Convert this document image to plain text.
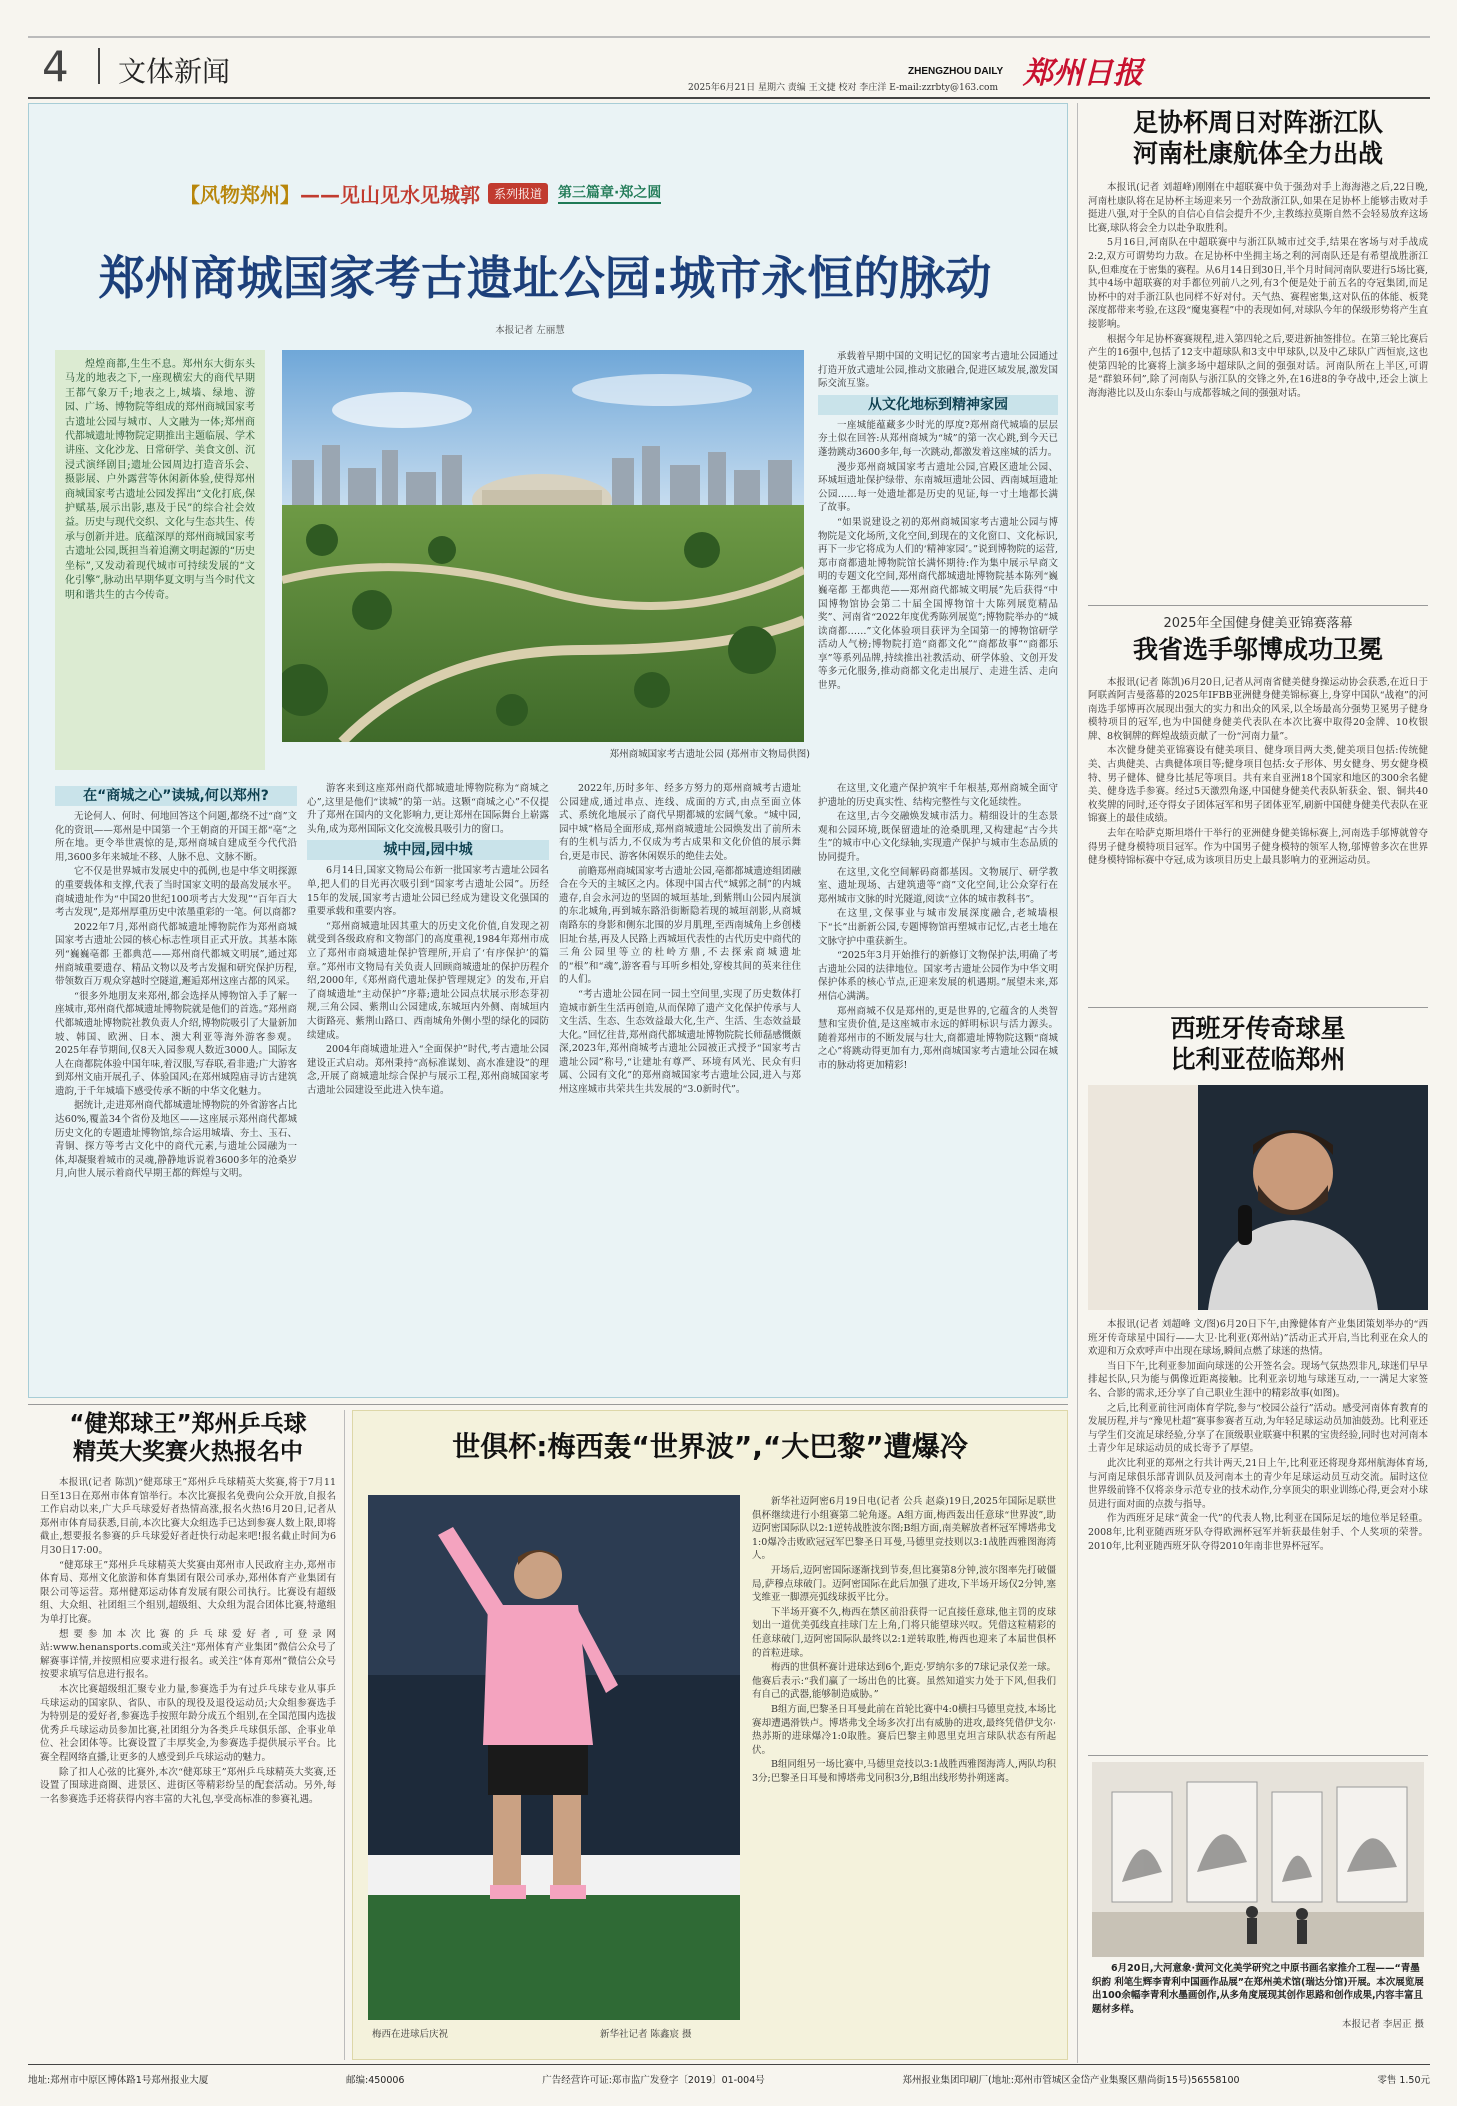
4 文体新闻	ZHENGZHOU DAILY
2025年6月21日 星期六 责编 王文捷 校对 李庄洋 E-mail:zzrbty@163.com 郑州日报
【风物郑州】 ——见山见水见城郭	系列报道	第三篇章·郑之圆
郑州商城国家考古遗址公园:城市永恒的脉动
本报记者 左丽慧

煌煌商都,生生不息。郑州东大街东头马龙的地表之下,一座现横宏大的商代早期王都气象万千;地表之上,城墙、绿地、游园、广场、博物院等组成的郑州商城国家考古遗址公园与城市、人文融为一体;郑州商代都城遗址博物院定期推出主题临展、学术讲座、文化沙龙、日常研学、美食文创、沉浸式演绎剧目;遗址公园周边打造音乐会、摄影展、户外露营等休闲新体验,使得郑州商城国家考古遗址公园发挥出“文化打底,保护赋基,展示出影,惠及于民”的综合社会效益。历史与现代交织、文化与生态共生、传承与创新并进。底蕴深厚的郑州商城国家考古遗址公园,既担当着追溯文明起源的“历史坐标”,又发动着现代城市可持续发展的“文化引擎”,脉动出早期华夏文明与当今时代文明和谐共生的古今传奇。

郑州商城国家考古遗址公园 (郑州市文物局供图)

承载着早期中国的文明记忆的国家考古遗址公园通过打造开放式遗址公园,推动文旅融合,促进区域发展,激发国际交流互鉴。

从文化地标到精神家园

一座城能蕴藏多少时光的厚度?郑州商代城墙的层层夯土似在回答:从郑州商城为“城”的第一次心跳,到今天已蓬勃跳动3600多年,每一次跳动,都激发着这座城的活力。

漫步郑州商城国家考古遗址公园,宫殿区遗址公园、环城垣遗址保护绿带、东南城垣遗址公园、西南城垣遗址公园……每一处遗址都是历史的见证,每一寸土地都长满了故事。

“如果说建设之初的郑州商城国家考古遗址公园与博物院是文化场所,文化空间,到现在的文化窗口、文化标识,再下一步它将成为人们的‘精神家园’。”说到博物院的运营,郑市商都遗址博物院馆长满怀期待:作为集中展示早商文明的专题文化空间,郑州商代都城遗址博物院基本陈列“巍巍亳都 王都典范——郑州商代都城文明展”先后获得“中国博物馆协会第二十届全国博物馆十大陈列展览精品奖”、河南省“2022年度优秀陈列展览”;博物院举办的“城读商都……”文化体验项目获评为全国第一的博物馆研学活动人气榜;博物院打造“商都文化”“商都故事”“商都乐享”等系列品牌,持续推出社教活动、研学体验、文创开发等多元化服务,推动商都文化走出展厅、走进生活、走向世界。

在“商城之心”读城,何以郑州?

无论何人、何时、何地回答这个问题,都绕不过“商”文化的资讯——郑州是中国第一个王朝商的开国王都“亳”之所在地。更令举世震惊的是,郑州商城自建成至今代代沿用,3600多年来城址不移、人脉不息、文脉不断。

它不仅是世界城市发展史中的孤例,也是中华文明探源的重要载体和支撑,代表了当时国家文明的最高发展水平。商城遗址作为“中国20世纪100项考古大发现”“百年百大考古发现”,是郑州厚重历史中浓墨重彩的一笔。何以商都?

2022年7月,郑州商代都城遗址博物院作为郑州商城国家考古遗址公园的核心标志性项目正式开放。其基本陈列“巍巍亳都 王都典范——郑州商代都城文明展”,通过郑州商城重要遗存、精品文物以及考古发掘和研究保护历程,带领数百万观众穿越时空隧道,邂逅郑州这座古都的风采。

“很多外地朋友来郑州,都会选择从博物馆入手了解一座城市,郑州商代都城遗址博物院就是他们的首选。”郑州商代都城遗址博物院社教负责人介绍,博物院吸引了大量新加坡、韩国、欧洲、日本、澳大利亚等海外游客参观。2025年春节期间,仅8天入园参观人数近3000人。国际友人在商都院体验中国年味,着汉服,写春联,看非遗;广大游客到郑州文庙开展孔子、体验国风;在郑州城隍庙寻访古建筑遗韵,于千年城墙下感受传承不断的中华文化魅力。

据统计,走进郑州商代都城遗址博物院的外省游客占比达60%,覆盖34个省份及地区——这座展示郑州商代都城历史文化的专题遗址博物馆,综合运用城墙、夯土、玉石、青铜、探方等考古文化中的商代元素,与遗址公园融为一体,却凝聚着城市的灵魂,静静地诉说着3600多年的沧桑岁月,向世人展示着商代早期王都的辉煌与文明。

游客来到这座郑州商代都城遗址博物院称为“商城之心”,这里是他们“读城”的第一站。这颗“商城之心”不仅提升了郑州在国内的文化影响力,更让郑州在国际舞台上崭露头角,成为郑州国际文化交流极具吸引力的窗口。

城中园,园中城

6月14日,国家文物局公布新一批国家考古遗址公园名单,把人们的目光再次吸引到“国家考古遗址公园”。历经15年的发展,国家考古遗址公园已经成为建设文化强国的重要承载和重要内容。

“郑州商城遗址因其重大的历史文化价值,自发现之初就受到各级政府和文物部门的高度重视,1984年郑州市成立了郑州市商城遗址保护管理所,开启了‘有序保护’的篇章。”郑州市文物局有关负责人回顾商城遗址的保护历程介绍,2000年,《郑州商代遗址保护管理规定》的发布,开启了商城遗址“主动保护”序幕;遗址公园点状展示形态芽初规,三角公园、紫荆山公园建成,东城垣内外侧、南城垣内大街路亮、紫荆山路口、西南城角外侧小型的绿化的园防续建成。

2004年商城遗址进入“全面保护”时代,考古遗址公园建设正式启动。郑州秉持“高标准谋划、高水准建设”的理念,开展了商城遗址综合保护与展示工程,郑州商城国家考古遗址公园建设至此进入快车道。

2022年,历时多年、经多方努力的郑州商城考古遗址公园建成,通过串点、连线、成面的方式,由点至面立体式、系统化地展示了商代早期都城的宏阔气象。“城中园,园中城”格局全面形成,郑州商城遗址公园焕发出了前所未有的生机与活力,不仅成为考古成果和文化价值的展示舞台,更是市民、游客休闲娱乐的绝佳去处。

前瞻郑州商城国家考古遗址公园,亳都都城遗迹组团融合在今天的主城区之内。体现中国古代“城郭之制”的内城遗存,自会永河边的坚固的城垣基址,到紫荆山公园内展演的东北城角,再到城东路沿街断隐若现的城垣剖影,从商城南路东的身影和侧东北围的岁月肌理,至西南城角上乡创楼旧址台基,再及人民路上西城垣代表性的古代历史中商代的三角公园里等立的杜岭方鼎,不去探索商城遗址的“根”和“魂”,游客看与耳听乡相处,穿梭其间的英来往住的人们。

“考古遗址公园在同一园土空间里,实现了历史数体打造城市新生生活再创造,从而保障了遗产文化保护传承与人文生活、生态、生态效益最大化,生产、生活、生态效益最大化。”回忆往昔,郑州商代都城遗址博物院院长师磊感慨颇深,2023年,郑州商城考古遗址公园被正式授予“国家考古遗址公园”称号,“让建址有尊严、环境有风光、民众有归属、公园有文化”的郑州商城国家考古遗址公园,进入与郑州这座城市共荣共生共发展的“3.0新时代”。

在这里,文化遗产保护筑牢千年根基,郑州商城全面守护遗址的历史真实性、结构完整性与文化延续性。

在这里,古今交融焕发城市活力。精细设计的生态景观和公园环境,既保留遗址的沧桑肌理,又构建起“古今共生”的城市中心文化绿轴,实现遗产保护与城市生态品质的协同提升。

在这里,文化空间解码商都基因。文物展厅、研学教室、遗址现场、古建筑遗等“商”文化空间,让公众穿行在郑州城市文脉的时光隧道,阅读“立体的城市教科书”。

在这里,文保事业与城市发展深度融合,老城墙根下“长”出新新公园,专题博物馆再塑城市记忆,古老土地在文脉守护中重获新生。

“2025年3月开始推行的新修订文物保护法,明确了考古遗址公园的法律地位。国家考古遗址公园作为中华文明保护体系的核心节点,正迎来发展的机遇期。”展望未来,郑州信心满满。

郑州商城不仅是郑州的,更是世界的,它蕴含的人类智慧和宝贵价值,是这座城市永远的鲜明标识与活力源头。随着郑州市的不断发展与壮大,商都遗址博物院这颗“商城之心”将跳动得更加有力,郑州商城国家考古遗址公园在城市的脉动将更加精彩!

足协杯周日对阵浙江队
河南杜康航体全力出战

本报讯(记者 刘超峰)刚刚在中超联赛中负于强劲对手上海海港之后,22日晚,河南杜康队将在足协杯主场迎来另一个劲敌浙江队,如果在足协杯上能够击败对手挺进八强,对于全队的自信心自信会提升不少,主教练拉莫斯自然不会轻易放弃这场比赛,球队将会全力以赴争取胜利。

5月16日,河南队在中超联赛中与浙江队城市过交手,结果在客场与对手战成2:2,双方可谓势均力敌。在足协杯中坐拥主场之利的河南队还是有希望战胜浙江队,但难度在于密集的赛程。从6月14日到30日,半个月时间河南队要进行5场比赛,其中4场中超联赛的对手都位列前八之列,有3个便是处于前五名的夺冠集团,而足协杯中的对手浙江队也同样不好对付。天气热、赛程密集,这对队伍的体能、板凳深度都带来考验,在这段“魔鬼赛程”中的表现如何,对球队今年的保级形势将产生直接影响。

根据今年足协杯赛赛规程,进入第四轮之后,要进新抽签排位。在第三轮比赛后产生的16强中,包括了12支中超球队和3支中甲球队,以及中乙球队广西恒宸,这也使第四轮的比赛将上演多场中超球队之间的强强对话。河南队所在上半区,可谓是“群狼环伺”,除了河南队与浙江队的交锋之外,在16进8的争夺战中,还会上演上海海港比以及山东泰山与成都蓉城之间的强强对话。

2025年全国健身健美亚锦赛落幕
我省选手邬博成功卫冕

本报讯(记者 陈凯)6月20日,记者从河南省健美健身操运动协会获悉,在近日于阿联酋阿吉曼落幕的2025年IFBB亚洲健身健美锦标赛上,身穿中国队“战袍”的河南选手邬博再次展现出强大的实力和出众的风采,以全场最高分强势卫冕男子健身模特项目的冠军,也为中国健身健美代表队在本次比赛中取得20金牌、10枚银牌、8枚铜牌的辉煌战绩贡献了一份“河南力量”。

本次健身健美亚锦赛设有健美项目、健身项目两大类,健美项目包括:传统健美、古典健美、古典健体项目等;健身项目包括:女子形体、男女健身、男女健身模特、男子健体、健身比基尼等项目。共有来自亚洲18个国家和地区的300余名健美、健身选手参赛。经过5天激烈角逐,中国健身健美代表队斩获金、银、铜共40枚奖牌的同时,还夺得女子团体冠军和男子团体亚军,刷新中国健身健美代表队在亚锦赛上的最佳成绩。

去年在哈萨克斯坦塔什干举行的亚洲健身健美锦标赛上,河南选手邬博就曾夺得男子健身模特项目冠军。作为中国男子健身模特的领军人物,邬博曾多次在世界健身模特锦标赛中夺冠,成为该项目历史上最具影响力的亚洲运动员。

西班牙传奇球星
比利亚莅临郑州

本报讯(记者 刘超峰 文/图)6月20日下午,由豫健体育产业集团策划举办的“西班牙传奇球星中国行——大卫·比利亚(郑州站)”活动正式开启,当比利亚在众人的欢迎和万众欢呼声中出现在球场,瞬间点燃了球迷的热情。

当日下午,比利亚参加面向球迷的公开签名会。现场气氛热烈非凡,球迷们早早排起长队,只为能与偶像近距离接触。比利亚亲切地与球迷互动,一一满足大家签名、合影的需求,还分享了自己职业生涯中的精彩故事(如图)。

之后,比利亚前往河南体育学院,参与“校园公益行”活动。感受河南体育教育的发展历程,并与“豫见杜超”赛事参赛者互动,为年轻足球运动员加油鼓劲。比利亚还与学生们交流足球经验,分享了在顶级职业联赛中积累的宝贵经验,同时也对河南本土青少年足球运动员的成长寄予了厚望。

此次比利亚的郑州之行共计两天,21日上午,比利亚还将现身郑州航海体育场,与河南足球俱乐部青训队员及河南本土的青少年足球运动员互动交流。届时这位世界级前锋不仅将亲身示范专业的技术动作,分享顶尖的职业训练心得,更会对小球员进行面对面的点拨与指导。

作为西班牙足球“黄金一代”的代表人物,比利亚在国际足坛的地位举足轻重。2008年,比利亚随西班牙队夺得欧洲杯冠军并斩获最佳射手、个人奖项的荣誉。2010年,比利亚随西班牙队夺得2010年南非世界杯冠军。

6月20日,大河意象·黄河文化美学研究之中原书画名家推介工程——“青墨织韵 利笔生辉李青利中国画作品展”在郑州美术馆(瑞达分馆)开展。本次展览展出100余幅李青利水墨画创作,从多角度展现其创作思路和创作成果,内容丰富且题材多样。

本报记者 李居正 摄
“健郑球王”郑州乒乓球
精英大奖赛火热报名中

本报讯(记者 陈凯)“健郑球王”郑州乒乓球精英大奖赛,将于7月11日至13日在郑州市体育馆举行。本次比赛报名免费向公众开放,自报名工作启动以来,广大乒乓球爱好者热情高涨,报名火热!6月20日,记者从郑州市体育局获悉,目前,本次比赛大众组选手已达到参赛人数上限,即将截止,想要报名参赛的乒乓球爱好者赶快行动起来吧!报名截止时间为6月30日17:00。

“健郑球王”郑州乒乓球精英大奖赛由郑州市人民政府主办,郑州市体育局、郑州文化旅游和体育集团有限公司承办,郑州体育产业集团有限公司等运营。郑州健郑运动体育发展有限公司执行。比赛设有超级组、大众组、社团组三个组别,超级组、大众组为混合团体比赛,特邀组为单打比赛。

想要参加本次比赛的乒乓球爱好者,可登录网站:www.henansports.com或关注“郑州体育产业集团”微信公众号了解赛事详情,并按照相应要求进行报名。或关注“体育郑州”微信公众号按要求填写信息进行报名。

本次比赛超级组汇聚专业力量,参赛选手为有过乒乓球专业从事乒乓球运动的国家队、省队、市队的现役及退役运动员;大众组参赛选手为特别是的爱好者,参赛选手按照年龄分成五个组别,在全国范围内选拔优秀乒乓球运动员参加比赛,社团组分为各类乒乓球俱乐部、企事业单位、社会团体等。比赛设置了丰厚奖金,为参赛选手提供展示平台。比赛全程网络直播,让更多的人感受到乒乓球运动的魅力。

除了扣人心弦的比赛外,本次“健郑球王”郑州乒乓球精英大奖赛,还设置了围球进商圈、进景区、进街区等精彩纷呈的配套活动。另外,每一名参赛选手还将获得内容丰富的大礼包,享受高标准的参赛礼遇。

世俱杯:梅西轰“世界波”,“大巴黎”遭爆冷
梅西在进球后庆祝	新华社记者 陈鑫宸 摄

新华社迈阿密6月19日电(记者 公兵 赵焱)19日,2025年国际足联世俱杯继续进行小组赛第二轮角逐。A组方面,梅西轰出任意球“世界波”,助迈阿密国际队以2:1逆转战胜波尔图;B组方面,南美解放者杯冠军博塔弗戈1:0爆冷击败欧冠冠军巴黎圣日耳曼,马德里竞技则以3:1战胜西雅图海湾人。

开场后,迈阿密国际逐渐找到节奏,但比赛第8分钟,波尔图率先打破僵局,萨穆点球破门。迈阿密国际在此后加强了进攻,下半场开场仅2分钟,塞戈维亚一脚漂亮弧线球扳平比分。

下半场开赛不久,梅西在禁区前沿获得一记直接任意球,他主罚的皮球划出一道优美弧线直挂球门左上角,门将只能望球兴叹。凭借这粒精彩的任意球破门,迈阿密国际队最终以2:1逆转取胜,梅西也迎来了本届世俱杯的首粒进球。

梅西的世俱杯赛计进球达到6个,距克·罗纳尔多的7球记录仅差一球。他赛后表示:“我们赢了一场出色的比赛。虽然知道实力处于下风,但我们有自己的武器,能够制造威胁。”

B组方面,巴黎圣日耳曼此前在首轮比赛中4:0横扫马德里竞技,本场比赛却遭遇滑铁卢。博塔弗戈全场多次打出有威胁的进攻,最终凭借伊戈尔·热苏斯的进球爆冷1:0取胜。赛后巴黎主帅恩里克坦言球队状态有所起伏。

B组同组另一场比赛中,马德里竞技以3:1战胜西雅图海湾人,两队均积3分;巴黎圣日耳曼和博塔弗戈同积3分,B组出线形势扑朔迷离。

地址:郑州市中原区博体路1号郑州报业大厦	邮编:450006	广告经营许可证:郑市监广发登字〔2019〕01-004号	郑州报业集团印刷厂(地址:郑州市管城区金岱产业集聚区鼎尚街15号)56558100	零售 1.50元
